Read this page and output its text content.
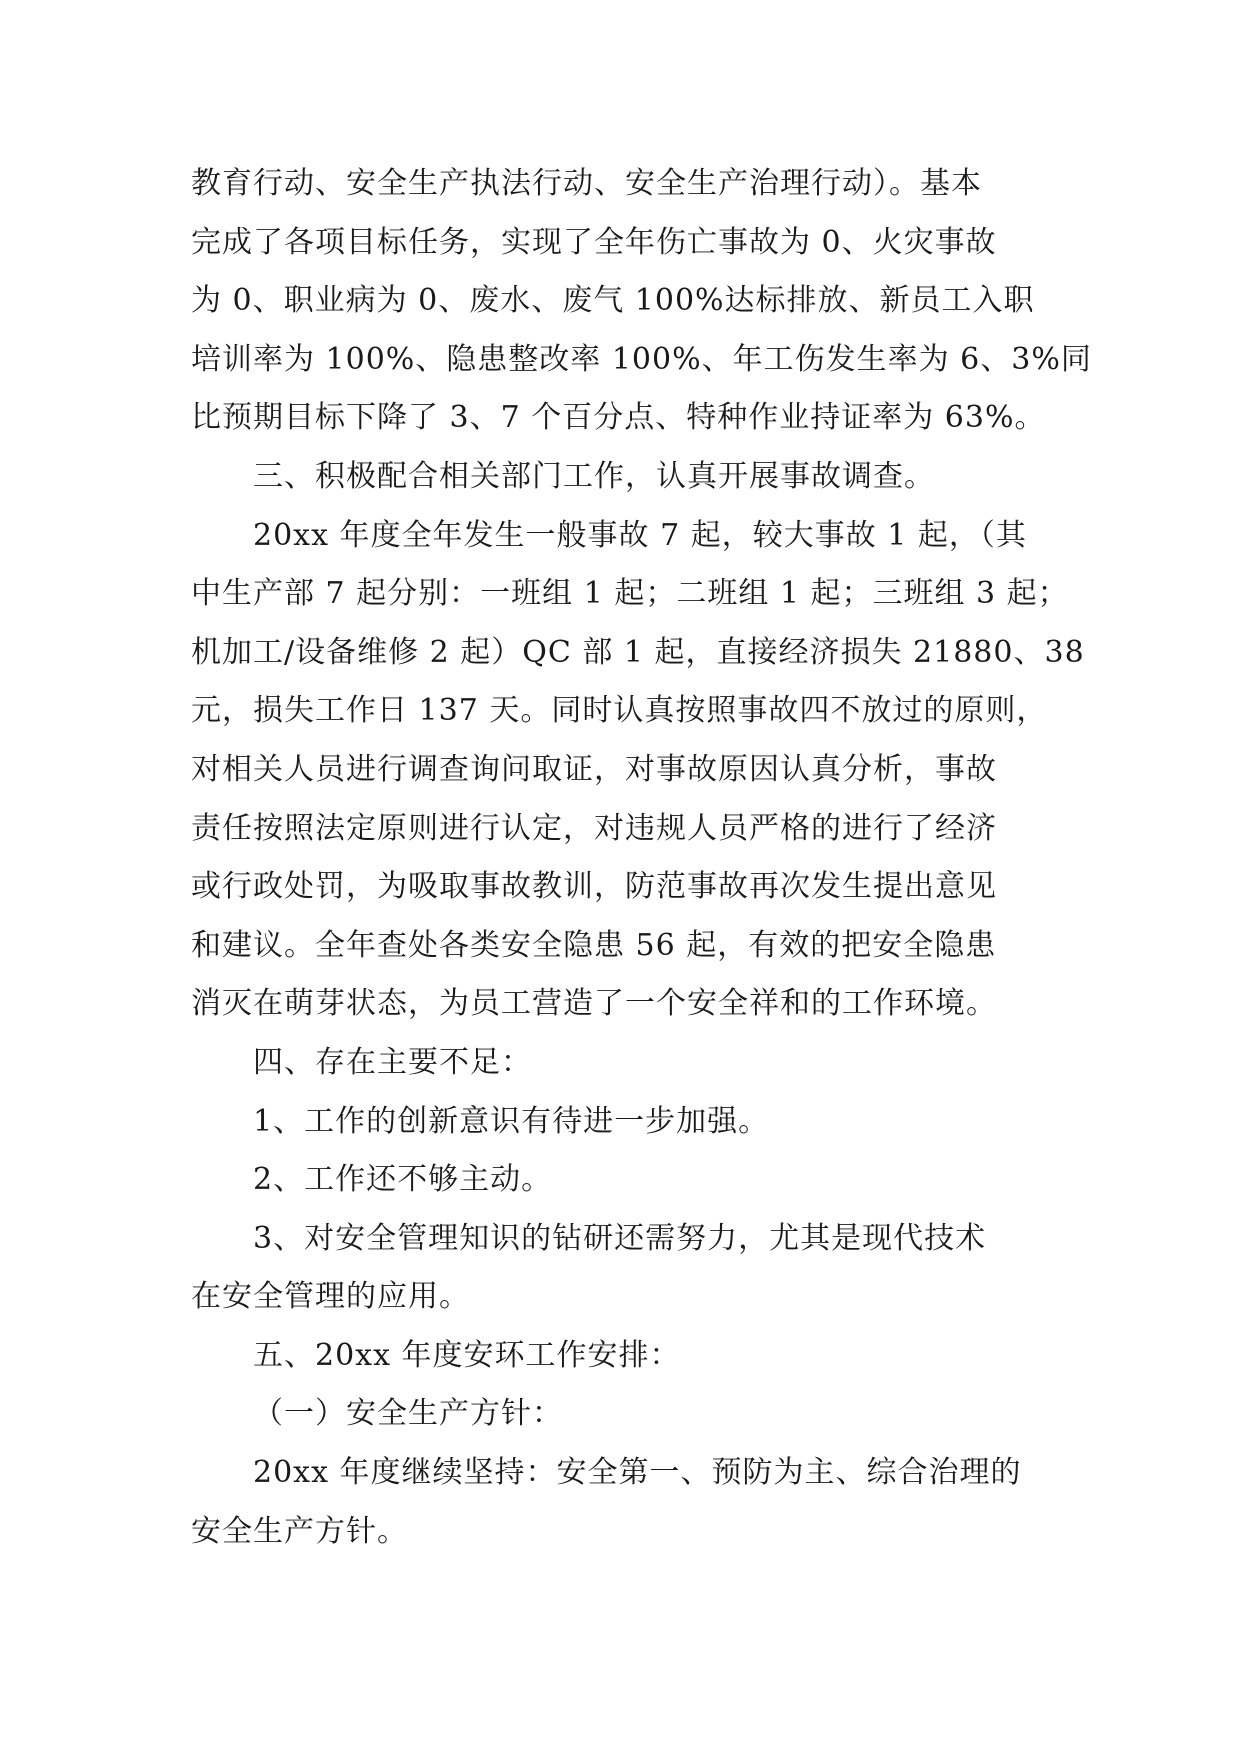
教育行动、安全生产执法行动、安全生产治理行动）。基本
完成了各项目标任务，实现了全年伤亡事故为 0、火灾事故
为 0、职业病为 0、废水、废气 100%达标排放、新员工入职
培训率为 100%、隐患整改率 100%、年工伤发生率为 6、3%同
比预期目标下降了 3、7 个百分点、特种作业持证率为 63%。
三、积极配合相关部门工作，认真开展事故调查。
20xx 年度全年发生一般事故 7 起，较大事故 1 起，（其
中生产部 7 起分别：一班组 1 起；二班组 1 起；三班组 3 起；
机加工/设备维修 2 起）QC 部 1 起，直接经济损失 21880、38
元，损失工作日 137 天。同时认真按照事故四不放过的原则，
对相关人员进行调查询问取证，对事故原因认真分析，事故
责任按照法定原则进行认定，对违规人员严格的进行了经济
或行政处罚，为吸取事故教训，防范事故再次发生提出意见
和建议。全年查处各类安全隐患 56 起，有效的把安全隐患
消灭在萌芽状态，为员工营造了一个安全祥和的工作环境。
四、存在主要不足：
1、工作的创新意识有待进一步加强。
2、工作还不够主动。
3、对安全管理知识的钻研还需努力，尤其是现代技术
在安全管理的应用。
五、20xx 年度安环工作安排：
（一）安全生产方针：
20xx 年度继续坚持：安全第一、预防为主、综合治理的
安全生产方针。
